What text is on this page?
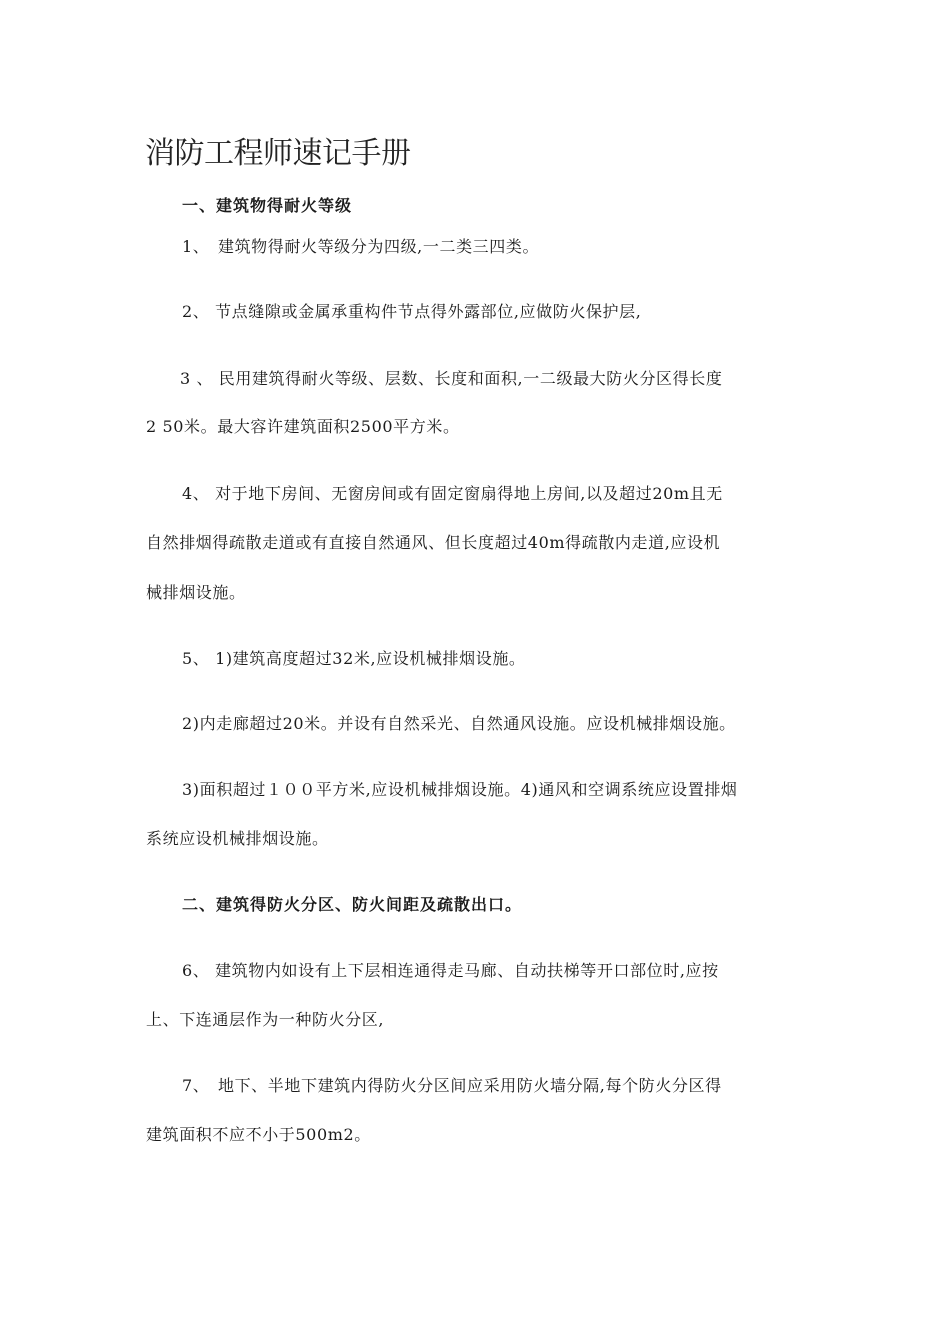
消防工程师速记手册
一、建筑物得耐火等级
1、　建筑物得耐火等级分为四级,一二类三四类。
2、 节点缝隙或金属承重构件节点得外露部位,应做防火保护层,
3 、 民用建筑得耐火等级、层数、长度和面积,一二级最大防火分区得长度
2 50米。最大容许建筑面积2500平方米。
4、 对于地下房间、无窗房间或有固定窗扇得地上房间,以及超过20m且无
自然排烟得疏散走道或有直接自然通风、但长度超过40m得疏散内走道,应设机
械排烟设施。
5、 1)建筑高度超过32米,应设机械排烟设施。
2)内走廊超过20米。并设有自然采光、自然通风设施。应设机械排烟设施。
3)面积超过１００平方米,应设机械排烟设施。4)通风和空调系统应设置排烟
系统应设机械排烟设施。
二、建筑得防火分区、防火间距及疏散出口。
6、 建筑物内如设有上下层相连通得走马廊、自动扶梯等开口部位时,应按
上、下连通层作为一种防火分区,
7、　地下、半地下建筑内得防火分区间应采用防火墙分隔,每个防火分区得
建筑面积不应不小于500m2。
